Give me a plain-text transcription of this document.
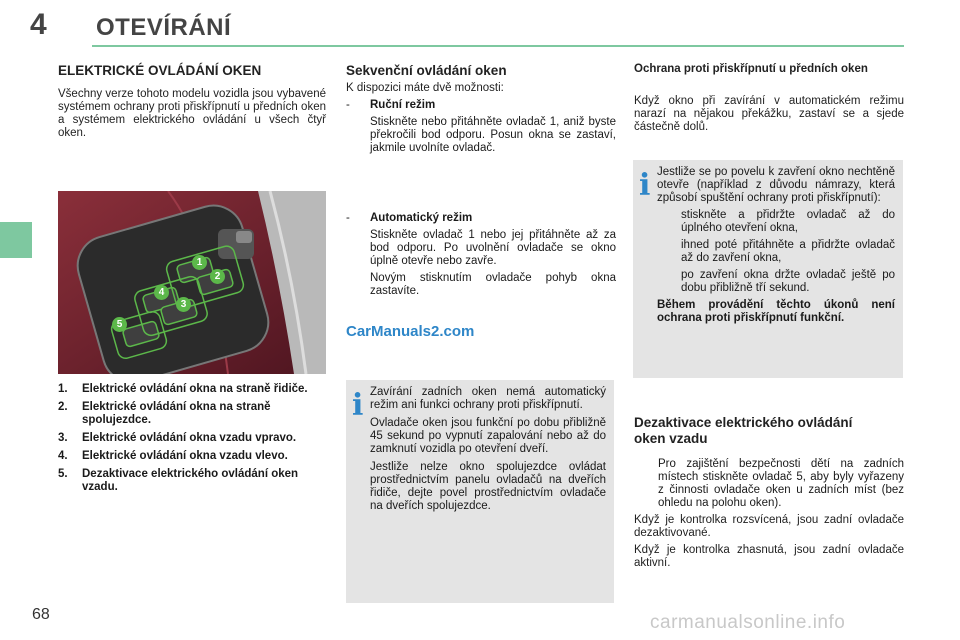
4 OTEVÍRÁNÍ
ELEKTRICKÉ OVLÁDÁNÍ OKEN
Všechny verze tohoto modelu vozidla jsou vybavené systémem ochrany proti přiskřípnutí u předních oken a systémem elektrického ovládání u všech čtyř oken.
1
2
3
4
5	CarManuals2.com
1.	Elektrické ovládání okna na straně řidiče.
2.	Elektrické ovládání okna na straně spolujezdce.
3.	Elektrické ovládání okna vzadu vpravo.
4.	Elektrické ovládání okna vzadu vlevo.
5.	Dezaktivace elektrického ovládání oken vzadu.
Sekvenční ovládání oken
K dispozici máte dvě možnosti:
-	Ruční režim
Stiskněte nebo přitáhněte ovladač 1, aniž byste překročili bod odporu. Posun okna se zastaví, jakmile uvolníte ovladač.
-	Automatický režim
Stiskněte ovladač 1 nebo jej přitáhněte až za bod odporu. Po uvolnění ovladače se okno úplně otevře nebo zavře.
Novým stisknutím ovladače pohyb okna zastavíte.
i Zavírání zadních oken nemá automatický režim ani funkci ochrany proti přiskřípnutí.

Ovladače oken jsou funkční po dobu přibližně 45 sekund po vypnutí zapalování nebo až do zamknutí vozidla po otevření dveří.

Jestliže nelze okno spolujezdce ovládat prostřednictvím panelu ovladačů na dveřích řidiče, dejte povel prostřednictvím ovladače na dveřích spolujezdce.

Ochrana proti přiskřípnutí u předních oken
Když okno při zavírání v automatickém režimu narazí na nějakou překážku, zastaví se a sjede částečně dolů.
i Jestliže se po povelu k zavření okno nechtěně otevře (například z důvodu námrazy, která způsobí spuštění ochrany proti přiskřípnutí):

stiskněte a přidržte ovladač až do úplného otevření okna,
ihned poté přitáhněte a přidržte ovladač až do zavření okna,
po zavření okna držte ovladač ještě po dobu přibližně tří sekund.

Během provádění těchto úkonů není ochrana proti přiskřípnutí funkční.

Dezaktivace elektrického ovládání oken vzadu
Pro zajištění bezpečnosti dětí na zadních místech stiskněte ovladač 5, aby byly vyřazeny z činnosti ovladače oken u zadních míst (bez ohledu na polohu oken).
Když je kontrolka rozsvícená, jsou zadní ovladače dezaktivované.
Když je kontrolka zhasnutá, jsou zadní ovladače aktivní.
68	carmanualsonline.info
